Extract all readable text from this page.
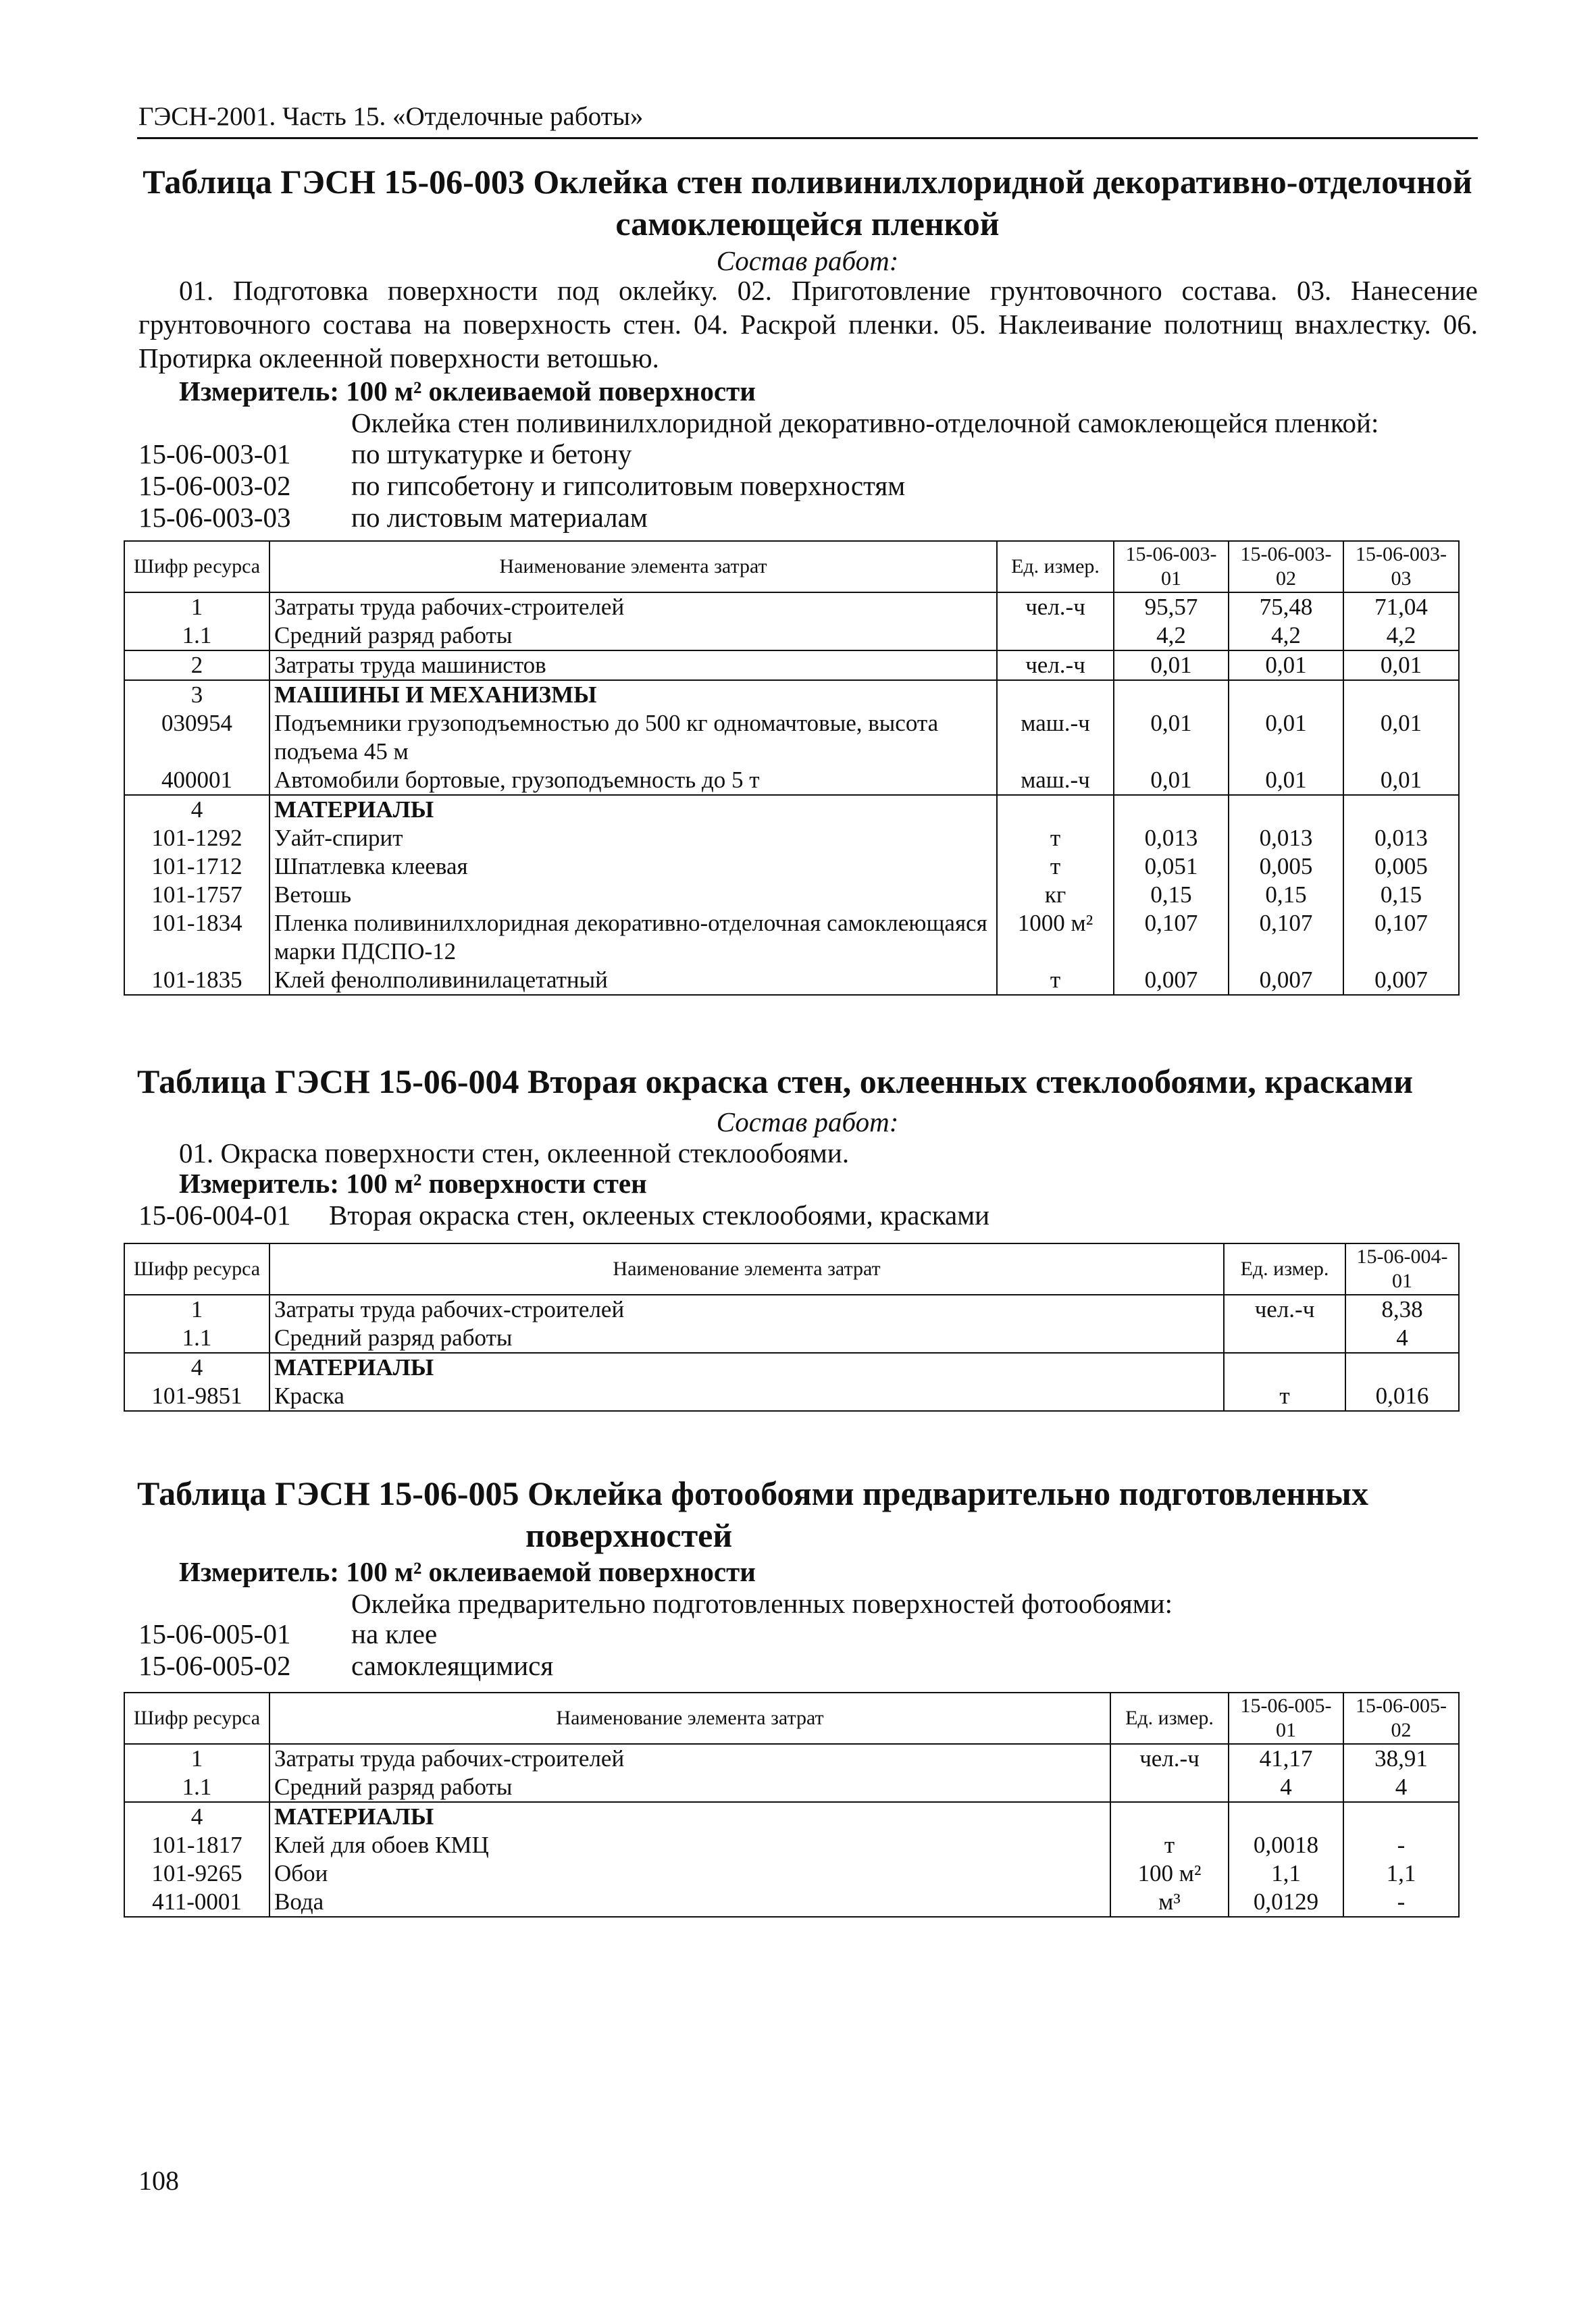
ГЭСН-2001. Часть 15. «Отделочные работы»
Таблица ГЭСН 15-06-003 Оклейка стен поливинилхлоридной декоративно-отделочной
самоклеющейся пленкой
Состав работ:
01. Подготовка поверхности под оклейку. 02. Приготовление грунтовочного состава. 03. Нанесение
грунтовочного состава на поверхность стен. 04. Раскрой пленки. 05. Наклеивание полотнищ внахлестку. 06.
Протирка оклеенной поверхности ветошью.
Измеритель: 100 м² оклеиваемой поверхности
Оклейка стен поливинилхлоридной декоративно-отделочной самоклеющейся пленкой:
15-06-003-01 по штукатурке и бетону
15-06-003-02 по гипсобетону и гипсолитовым поверхностям
15-06-003-03 по листовым материалам
Шифр ресурса	Наименование элемента затрат	Ед. измер.	15-06-003-01	15-06-003-02	15-06-003-03
1	Затраты труда рабочих-строителей	чел.-ч	95,57	75,48	71,04
1.1	Средний разряд работы		4,2	4,2	4,2
2	Затраты труда машинистов	чел.-ч	0,01	0,01	0,01
3	МАШИНЫ И МЕХАНИЗМЫ				
030954	Подъемники грузоподъемностью до 500 кг одномачтовые, высота подъема 45 м	маш.-ч	0,01	0,01	0,01
400001	Автомобили бортовые, грузоподъемность до 5 т	маш.-ч	0,01	0,01	0,01
4	МАТЕРИАЛЫ				
101-1292	Уайт-спирит	т	0,013	0,013	0,013
101-1712	Шпатлевка клеевая	т	0,051	0,005	0,005
101-1757	Ветошь	кг	0,15	0,15	0,15
101-1834	Пленка поливинилхлоридная декоративно-отделочная самоклеющаяся марки ПДСПО-12	1000 м²	0,107	0,107	0,107
101-1835	Клей фенолполивинилацетатный	т	0,007	0,007	0,007
Таблица ГЭСН 15-06-004 Вторая окраска стен, оклеенных стеклообоями, красками
Состав работ:
01. Окраска поверхности стен, оклеенной стеклообоями.
Измеритель: 100 м² поверхности стен
15-06-004-01 Вторая окраска стен, оклееных стеклообоями, красками
Шифр ресурса	Наименование элемента затрат	Ед. измер.	15-06-004-01
1	Затраты труда рабочих-строителей	чел.-ч	8,38
1.1	Средний разряд работы		4
4	МАТЕРИАЛЫ		
101-9851	Краска	т	0,016
Таблица ГЭСН 15-06-005 Оклейка фотообоями предварительно подготовленных
поверхностей
Измеритель: 100 м² оклеиваемой поверхности
Оклейка предварительно подготовленных поверхностей фотообоями:
15-06-005-01 на клее
15-06-005-02 самоклеящимися
Шифр ресурса	Наименование элемента затрат	Ед. измер.	15-06-005-01	15-06-005-02
1	Затраты труда рабочих-строителей	чел.-ч	41,17	38,91
1.1	Средний разряд работы		4	4
4	МАТЕРИАЛЫ			
101-1817	Клей для обоев КМЦ	т	0,0018	-
101-9265	Обои	100 м²	1,1	1,1
411-0001	Вода	м³	0,0129	-
108
